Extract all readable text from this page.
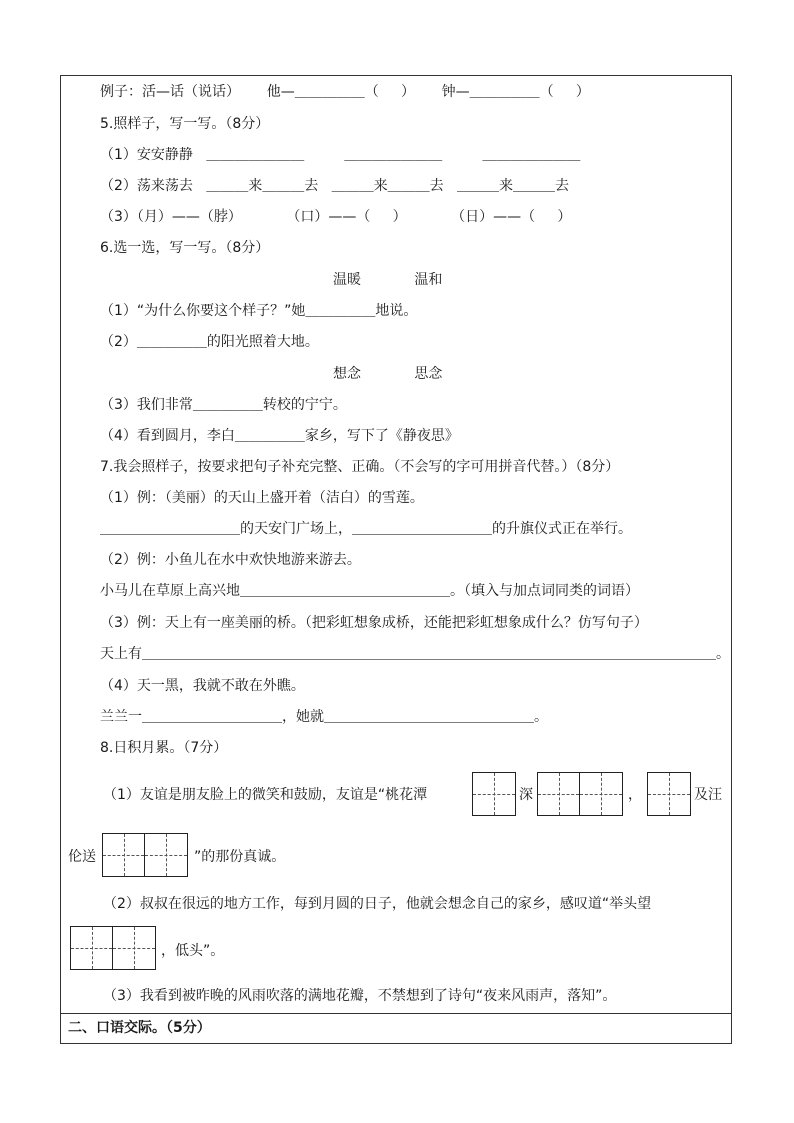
例子：活—话（说话）      他—＿＿＿＿＿（     ）      钟—＿＿＿＿＿（     ）
5.照样子，写一写。（8分）
（1）安安静静   ＿＿＿＿＿＿＿         ＿＿＿＿＿＿＿         ＿＿＿＿＿＿＿
（2）荡来荡去   ＿＿＿来＿＿＿去   ＿＿＿来＿＿＿去   ＿＿＿来＿＿＿去
（3）（月）——（脖）          （口）——（     ）          （日）——（     ）
6.选一选，写一写。（8分）
温暖            温和
（1）“为什么你要这个样子？”她＿＿＿＿＿地说。
（2）＿＿＿＿＿的阳光照着大地。
想念            思念
（3）我们非常＿＿＿＿＿转校的宁宁。
（4）看到圆月，李白＿＿＿＿＿家乡，写下了《静夜思》
7.我会照样子，按要求把句子补充完整、正确。（不会写的字可用拼音代替。）（8分）
（1）例：（美丽）的天山上盛开着（洁白）的雪莲。
＿＿＿＿＿＿＿＿＿＿的天安门广场上，＿＿＿＿＿＿＿＿＿＿的升旗仪式正在举行。
（2）例：小鱼儿在水中欢快地游来游去。
小马儿在草原上高兴地＿＿＿＿＿＿＿＿＿＿＿＿＿＿＿。（填入与加点词同类的词语）
（3）例：天上有一座美丽的桥。（把彩虹想象成桥，还能把彩虹想象成什么？仿写句子）
天上有＿＿＿＿＿＿＿＿＿＿＿＿＿＿＿＿＿＿＿＿＿＿＿＿＿＿＿＿＿＿＿＿＿＿＿＿＿＿＿＿＿。
（4）天一黑，我就不敢在外瞧。
兰兰一＿＿＿＿＿＿＿＿＿＿，她就＿＿＿＿＿＿＿＿＿＿＿＿＿＿＿。
8.日积月累。（7分）
（1）友谊是朋友脸上的微笑和鼓励，友谊是“桃花潭	深	，	及汪
伦送	”的那份真诚。
（2）叔叔在很远的地方工作，每到月圆的日子，他就会想念自己的家乡，感叹道“举头望
，低头”。
（3）我看到被昨晚的风雨吹落的满地花瓣，不禁想到了诗句“夜来风雨声，落知”。
二、口语交际。（5分）
